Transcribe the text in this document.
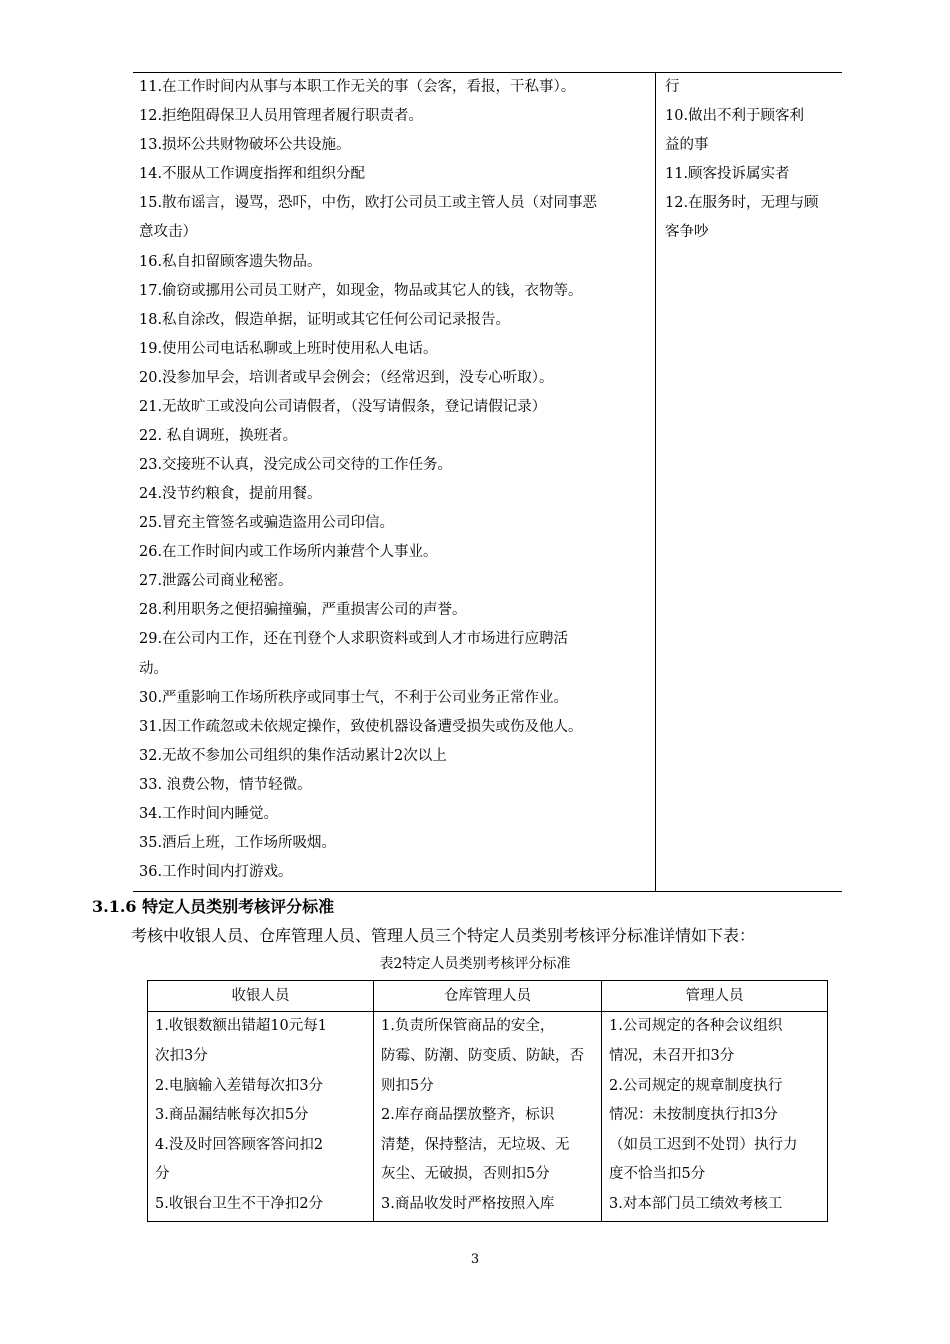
11.在工作时间内从事与本职工作无关的事（会客，看报，干私事）。
12.拒绝阻碍保卫人员用管理者履行职责者。
13.损坏公共财物破坏公共设施。
14.不服从工作调度指挥和组织分配
15.散布谣言，谩骂，恐吓，中伤，欧打公司员工或主管人员（对同事恶
意攻击）
16.私自扣留顾客遗失物品。
17.偷窃或挪用公司员工财产，如现金，物品或其它人的钱，衣物等。
18.私自涂改，假造单据，证明或其它任何公司记录报告。
19.使用公司电话私聊或上班时使用私人电话。
20.没参加早会，培训者或早会例会；（经常迟到，没专心听取）。
21.无故旷工或没向公司请假者，（没写请假条，登记请假记录）
22. 私自调班，换班者。
23.交接班不认真，没完成公司交待的工作任务。
24.没节约粮食，提前用餐。
25.冒充主管签名或骗造盗用公司印信。
26.在工作时间内或工作场所内兼营个人事业。
27.泄露公司商业秘密。
28.利用职务之便招骗撞骗，严重损害公司的声誉。
29.在公司内工作，还在刊登个人求职资料或到人才市场进行应聘活
动。
30.严重影响工作场所秩序或同事士气，不利于公司业务正常作业。
31.因工作疏忽或未依规定操作，致使机器设备遭受损失或伤及他人。
32.无故不参加公司组织的集作活动累计2次以上
33. 浪费公物，情节轻微。
34.工作时间内睡觉。
35.酒后上班，工作场所吸烟。
36.工作时间内打游戏。
行
10.做出不利于顾客利
益的事
11.顾客投诉属实者
12.在服务时，无理与顾
客争吵
3.1.6 特定人员类别考核评分标准
考核中收银人员、仓库管理人员、管理人员三个特定人员类别考核评分标准详情如下表：
表2特定人员类别考核评分标准
收银人员
1.收银数额出错超10元每1
次扣3分
2.电脑输入差错每次扣3分
3.商品漏结帐每次扣5分
4.没及时回答顾客答问扣2
分
5.收银台卫生不干净扣2分
仓库管理人员
1.负责所保管商品的安全，
防霉、防潮、防变质、防缺，否
则扣5分
2.库存商品摆放整齐，标识
清楚，保持整洁，无垃圾、无
灰尘、无破损，否则扣5分
3.商品收发时严格按照入库
管理人员
1.公司规定的各种会议组织
情况，未召开扣3分
2.公司规定的规章制度执行
情况：未按制度执行扣3分
（如员工迟到不处罚）执行力
度不恰当扣5分
3.对本部门员工绩效考核工
3
